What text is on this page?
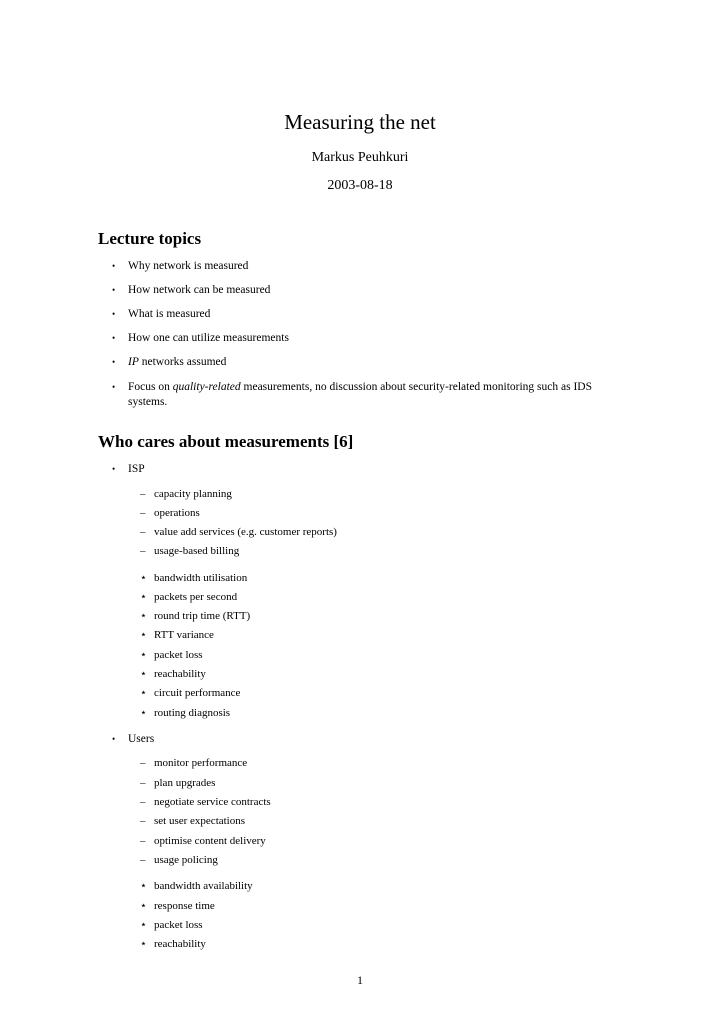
Measuring the net
Markus Peuhkuri
2003-08-18
Lecture topics
• Why network is measured
• How network can be measured
• What is measured
• How one can utilize measurements
• IP networks assumed
• Focus on quality-related measurements, no discussion about security-related monitoring such as IDS systems.
Who cares about measurements [6]
• ISP
– capacity planning
– operations
– value add services (e.g. customer reports)
– usage-based billing
⋆ bandwidth utilisation
⋆ packets per second
⋆ round trip time (RTT)
⋆ RTT variance
⋆ packet loss
⋆ reachability
⋆ circuit performance
⋆ routing diagnosis
• Users
– monitor performance
– plan upgrades
– negotiate service contracts
– set user expectations
– optimise content delivery
– usage policing
⋆ bandwidth availability
⋆ response time
⋆ packet loss
⋆ reachability
1
